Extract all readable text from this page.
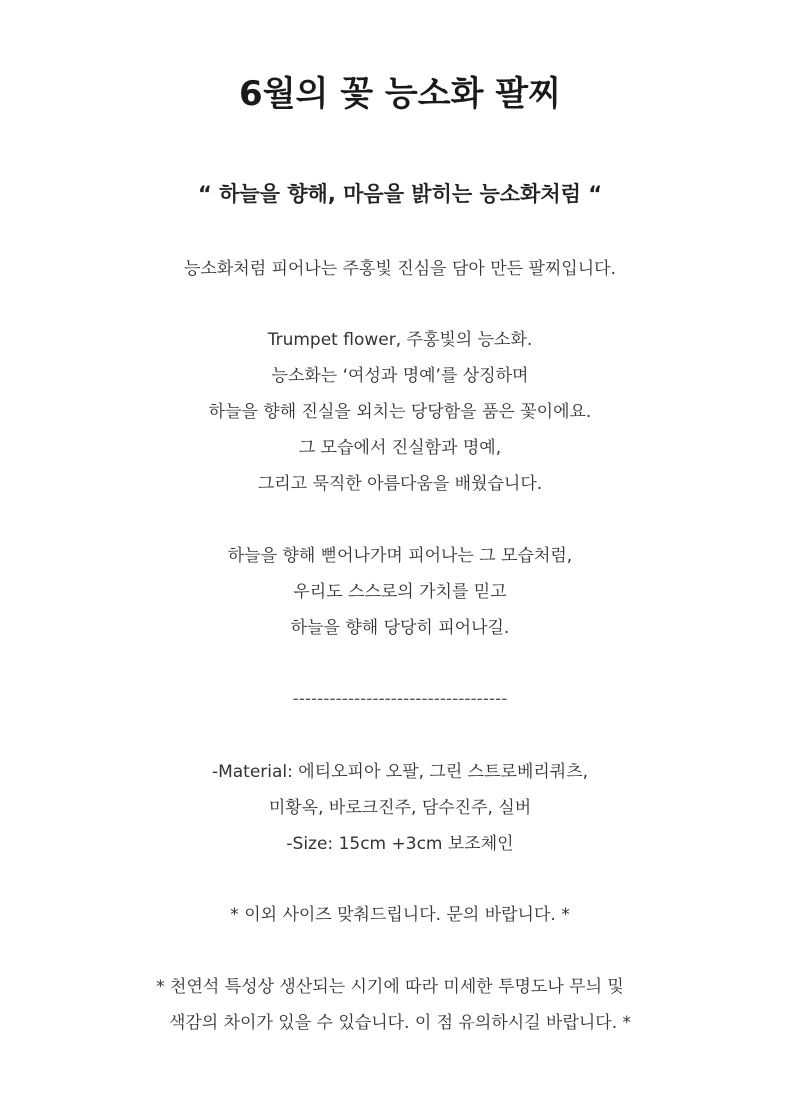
6월의 꽃 능소화 팔찌
“ 하늘을 향해, 마음을 밝히는 능소화처럼 “
능소화처럼 피어나는 주홍빛 진심을 담아 만든 팔찌입니다.
Trumpet flower, 주홍빛의 능소화.
능소화는 ‘여성과 명예’를 상징하며
하늘을 향해 진실을 외치는 당당함을 품은 꽃이에요.
그 모습에서 진실함과 명예,
그리고 묵직한 아름다움을 배웠습니다.
하늘을 향해 뻗어나가며 피어나는 그 모습처럼,
우리도 스스로의 가치를 믿고
하늘을 향해 당당히 피어나길.
-----------------------------------
-Material: 에티오피아 오팔, 그린 스트로베리쿼츠,
미황옥, 바로크진주, 담수진주, 실버
-Size: 15cm +3cm 보조체인
* 이외 사이즈 맞춰드립니다. 문의 바랍니다. *
* 천연석 특성상 생산되는 시기에 따라 미세한 투명도나 무늬 및
색감의 차이가 있을 수 있습니다. 이 점 유의하시길 바랍니다. *
